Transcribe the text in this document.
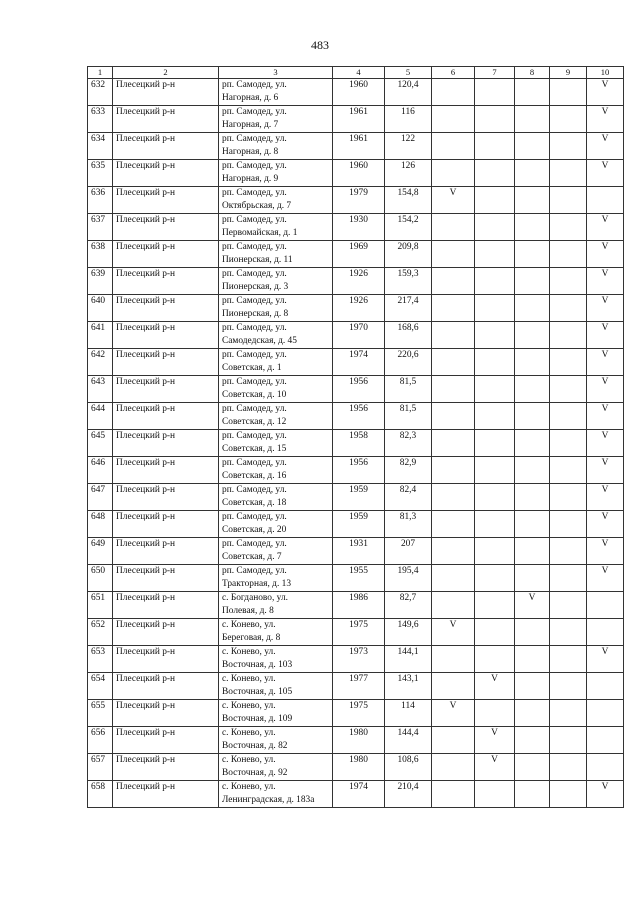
483
1	2	3	4	5	6	7	8	9	10
632	Плесецкий р-н	рп. Самодед, ул.
Нагорная, д. 6	1960	120,4					V
633	Плесецкий р-н	рп. Самодед, ул.
Нагорная, д. 7	1961	116					V
634	Плесецкий р-н	рп. Самодед, ул.
Нагорная, д. 8	1961	122					V
635	Плесецкий р-н	рп. Самодед, ул.
Нагорная, д. 9	1960	126					V
636	Плесецкий р-н	рп. Самодед, ул.
Октябрьская, д. 7	1979	154,8	V				
637	Плесецкий р-н	рп. Самодед, ул.
Первомайская, д. 1	1930	154,2					V
638	Плесецкий р-н	рп. Самодед, ул.
Пионерская, д. 11	1969	209,8					V
639	Плесецкий р-н	рп. Самодед, ул.
Пионерская, д. 3	1926	159,3					V
640	Плесецкий р-н	рп. Самодед, ул.
Пионерская, д. 8	1926	217,4					V
641	Плесецкий р-н	рп. Самодед, ул.
Самодедская, д. 45	1970	168,6					V
642	Плесецкий р-н	рп. Самодед, ул.
Советская, д. 1	1974	220,6					V
643	Плесецкий р-н	рп. Самодед, ул.
Советская, д. 10	1956	81,5					V
644	Плесецкий р-н	рп. Самодед, ул.
Советская, д. 12	1956	81,5					V
645	Плесецкий р-н	рп. Самодед, ул.
Советская, д. 15	1958	82,3					V
646	Плесецкий р-н	рп. Самодед, ул.
Советская, д. 16	1956	82,9					V
647	Плесецкий р-н	рп. Самодед, ул.
Советская, д. 18	1959	82,4					V
648	Плесецкий р-н	рп. Самодед, ул.
Советская, д. 20	1959	81,3					V
649	Плесецкий р-н	рп. Самодед, ул.
Советская, д. 7	1931	207					V
650	Плесецкий р-н	рп. Самодед, ул.
Тракторная, д. 13	1955	195,4					V
651	Плесецкий р-н	с. Богданово, ул.
Полевая, д. 8	1986	82,7			V		
652	Плесецкий р-н	с. Конево, ул.
Береговая, д. 8	1975	149,6	V				
653	Плесецкий р-н	с. Конево, ул.
Восточная, д. 103	1973	144,1					V
654	Плесецкий р-н	с. Конево, ул.
Восточная, д. 105	1977	143,1		V			
655	Плесецкий р-н	с. Конево, ул.
Восточная, д. 109	1975	114	V				
656	Плесецкий р-н	с. Конево, ул.
Восточная, д. 82	1980	144,4		V			
657	Плесецкий р-н	с. Конево, ул.
Восточная, д. 92	1980	108,6		V			
658	Плесецкий р-н	с. Конево, ул.
Ленинградская, д. 183а	1974	210,4					V
